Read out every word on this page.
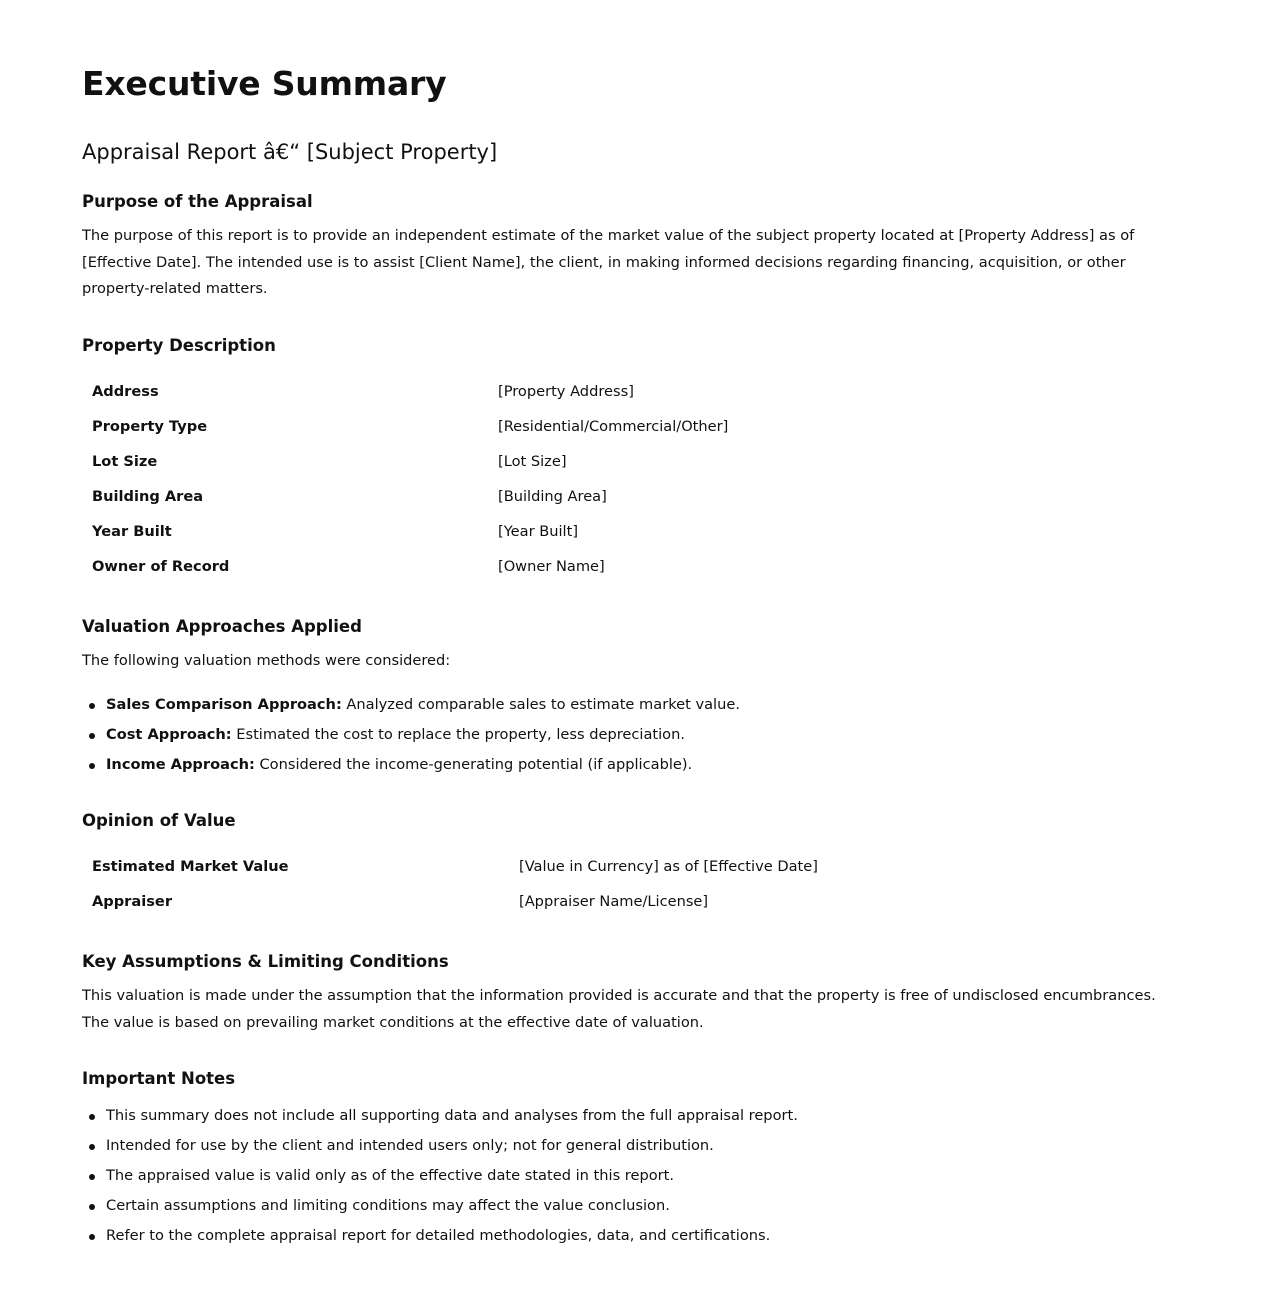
Executive Summary
Appraisal Report â€“ [Subject Property]
Purpose of the Appraisal

The purpose of this report is to provide an independent estimate of the market value of the subject property located at [Property Address] as of [Effective Date]. The intended use is to assist [Client Name], the client, in making informed decisions regarding financing, acquisition, or other property-related matters.

Property Description
Address	[Property Address]
Property Type	[Residential/Commercial/Other]
Lot Size	[Lot Size]
Building Area	[Building Area]
Year Built	[Year Built]
Owner of Record	[Owner Name]
Valuation Approaches Applied

The following valuation methods were considered:

Sales Comparison Approach: Analyzed comparable sales to estimate market value.
Cost Approach: Estimated the cost to replace the property, less depreciation.
Income Approach: Considered the income-generating potential (if applicable).
Opinion of Value
Estimated Market Value	[Value in Currency] as of [Effective Date]
Appraiser	[Appraiser Name/License]
Key Assumptions & Limiting Conditions

This valuation is made under the assumption that the information provided is accurate and that the property is free of undisclosed encumbrances. The value is based on prevailing market conditions at the effective date of valuation.

Important Notes
This summary does not include all supporting data and analyses from the full appraisal report.
Intended for use by the client and intended users only; not for general distribution.
The appraised value is valid only as of the effective date stated in this report.
Certain assumptions and limiting conditions may affect the value conclusion.
Refer to the complete appraisal report for detailed methodologies, data, and certifications.
